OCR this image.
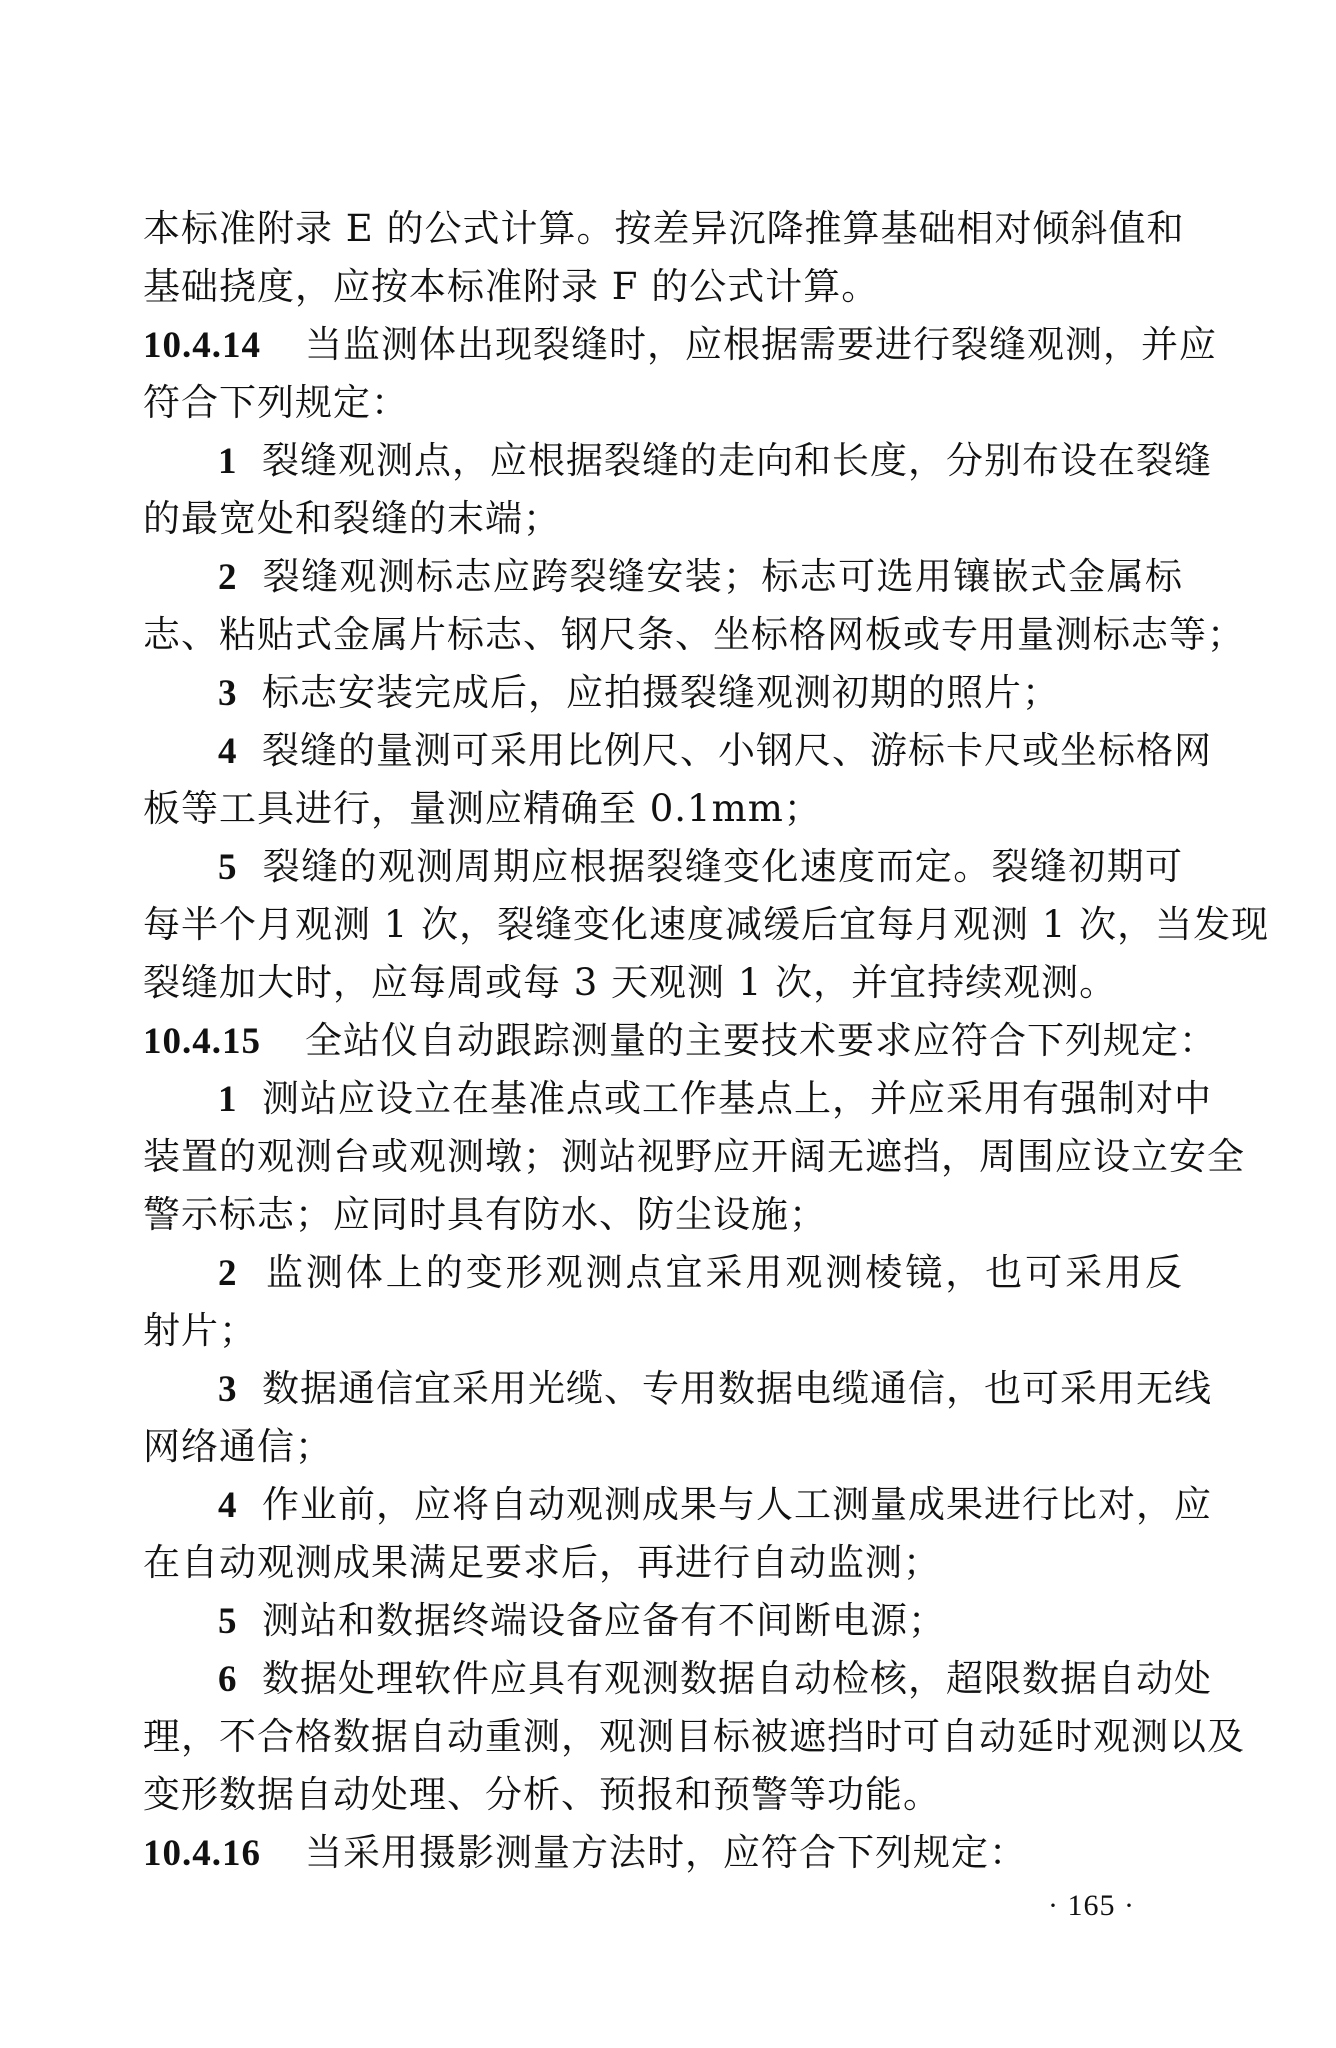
本标准附录 E 的公式计算。按差异沉降推算基础相对倾斜值和
基础挠度，应按本标准附录 F 的公式计算。
10.4.14 当监测体出现裂缝时，应根据需要进行裂缝观测，并应
符合下列规定：
1 裂缝观测点，应根据裂缝的走向和长度，分别布设在裂缝
的最宽处和裂缝的末端；
2 裂缝观测标志应跨裂缝安装；标志可选用镶嵌式金属标
志、粘贴式金属片标志、钢尺条、坐标格网板或专用量测标志等；
3 标志安装完成后，应拍摄裂缝观测初期的照片；
4 裂缝的量测可采用比例尺、小钢尺、游标卡尺或坐标格网
板等工具进行，量测应精确至 0.1mm；
5 裂缝的观测周期应根据裂缝变化速度而定。裂缝初期可
每半个月观测 1 次，裂缝变化速度减缓后宜每月观测 1 次，当发现
裂缝加大时，应每周或每 3 天观测 1 次，并宜持续观测。
10.4.15 全站仪自动跟踪测量的主要技术要求应符合下列规定：
1 测站应设立在基准点或工作基点上，并应采用有强制对中
装置的观测台或观测墩；测站视野应开阔无遮挡，周围应设立安全
警示标志；应同时具有防水、防尘设施；
2 监测体上的变形观测点宜采用观测棱镜，也可采用反
射片；
3 数据通信宜采用光缆、专用数据电缆通信，也可采用无线
网络通信；
4 作业前，应将自动观测成果与人工测量成果进行比对，应
在自动观测成果满足要求后，再进行自动监测；
5 测站和数据终端设备应备有不间断电源；
6 数据处理软件应具有观测数据自动检核，超限数据自动处
理，不合格数据自动重测，观测目标被遮挡时可自动延时观测以及
变形数据自动处理、分析、预报和预警等功能。
10.4.16 当采用摄影测量方法时，应符合下列规定：
· 165 ·
